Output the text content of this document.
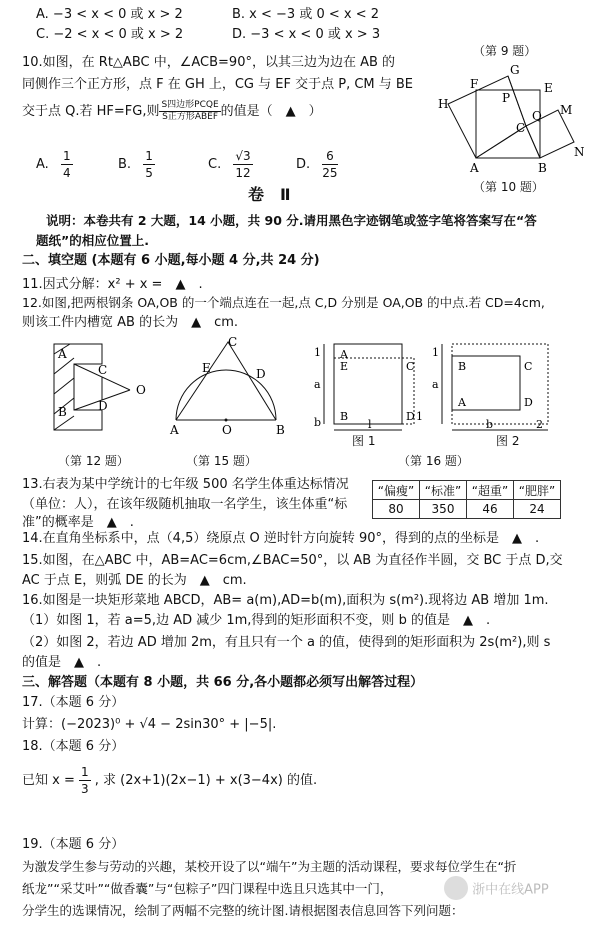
A. −3 < x < 0 或 x > 2	B. x < −3 或 0 < x < 2
C. −2 < x < 0 或 x > 2	D. −3 < x < 0 或 x > 3
（第 9 题）
10.如图，在 Rt△ABC 中，∠ACB=90°，以其三边为边在 AB 的
同侧作三个正方形，点 F 在 GH 上，CG 与 EF 交于点 P, CM 与 BE
交于点 Q.若 HF=FG,则 $\frac{\text{S四边形PCQE}}{\text{S正方形ABEF}}$ 的值是（　▲　）
A. $\frac{1}{4}$	B. $\frac{1}{5}$	C. $\frac{√3}{12}$	D. $\frac{6}{25}$
G
F	E
H	P
M
C
Q
A	B
N
（第 10 题）
卷　Ⅱ
说明：本卷共有 2 大题，14 小题，共 90 分.请用黑色字迹钢笔或签字笔将答案写在“答
题纸”的相应位置上.
二、填空题 (本题有 6 小题,每小题 4 分,共 24 分)
11.因式分解：x² + x =　▲　.
12.如图,把两根钢条 OA,OB 的一个端点连在一起,点 C,D 分别是 OA,OB 的中点.若 CD=4cm,
则该工件内槽宽 AB 的长为　▲　cm.
A
C
D
B
O
（第 12 题）
C
E	D
A	O	B
（第 15 题）
A
E	C
B	D
1
1
a
b	l
图 1
B	C
A	D
1
a
b	2
图 2
（第 16 题）
13.右表为某中学统计的七年级 500 名学生体重达标情况
（单位：人），在该年级随机抽取一名学生，该生体重“标
准”的概率是　▲　.
“偏瘦”	“标准”	“超重”	“肥胖”
80	350	46	24
14.在直角坐标系中，点（4,5）绕原点 O 逆时针方向旋转 90°，得到的点的坐标是　▲　.
15.如图，在△ABC 中，AB=AC=6cm,∠BAC=50°，以 AB 为直径作半圆，交 BC 于点 D,交
AC 于点 E，则弧 DE 的长为　▲　cm.
16.如图是一块矩形菜地 ABCD，AB= a(m),AD=b(m),面积为 s(m²).现将边 AB 增加 1m.
（1）如图 1，若 a=5,边 AD 减少 1m,得到的矩形面积不变，则 b 的值是　▲　.
（2）如图 2，若边 AD 增加 2m，有且只有一个 a 的值，使得到的矩形面积为 2s(m²),则 s
的值是　▲　.
三、解答题（本题有 8 小题，共 66 分,各小题都必须写出解答过程）
17.（本题 6 分）
计算：(−2023)⁰ + √4 − 2sin30° + |−5|.
18.（本题 6 分）
已知 $x = \frac{1}{3}$ , 求 (2x+1)(2x−1) + x(3−4x) 的值.
19.（本题 6 分）
为激发学生参与劳动的兴趣，某校开设了以“端午”为主题的活动课程，要求每位学生在“折
纸龙”“采艾叶”“做香囊”与“包粽子”四门课程中选且只选其中一门，
分学生的选课情况，绘制了两幅不完整的统计图.请根据图表信息回答下列问题：
浙中在线APP
